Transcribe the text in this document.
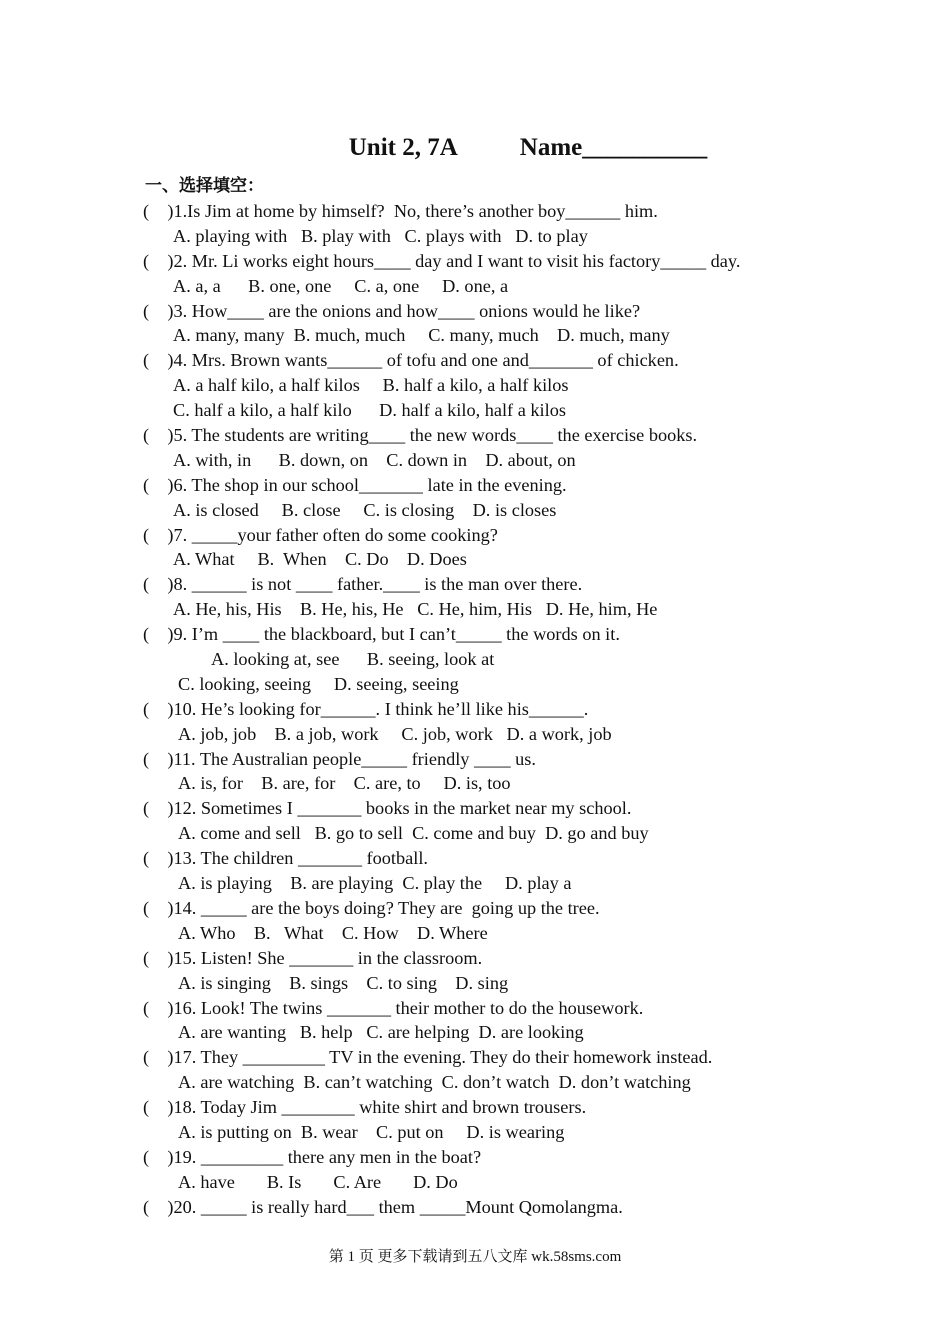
Unit 2, 7A Name__________
一、选择填空：
(    )1.Is Jim at home by himself?  No, there’s another boy______ him.
A. playing with   B. play with   C. plays with   D. to play
(    )2. Mr. Li works eight hours____ day and I want to visit his factory_____ day.
A. a, a      B. one, one     C. a, one     D. one, a
(    )3. How____ are the onions and how____ onions would he like?
A. many, many  B. much, much     C. many, much    D. much, many
(    )4. Mrs. Brown wants______ of tofu and one and_______ of chicken.
A. a half kilo, a half kilos     B. half a kilo, a half kilos
C. half a kilo, a half kilo      D. half a kilo, half a kilos
(    )5. The students are writing____ the new words____ the exercise books.
A. with, in      B. down, on    C. down in    D. about, on
(    )6. The shop in our school_______ late in the evening.
A. is closed     B. close     C. is closing    D. is closes
(    )7. _____your father often do some cooking?
A. What     B.  When    C. Do    D. Does
(    )8. ______ is not ____ father.____ is the man over there.
A. He, his, His    B. He, his, He   C. He, him, His   D. He, him, He
(    )9. I’m ____ the blackboard, but I can’t_____ the words on it.
A. looking at, see      B. seeing, look at
C. looking, seeing     D. seeing, seeing
(    )10. He’s looking for______. I think he’ll like his______.
A. job, job    B. a job, work     C. job, work   D. a work, job
(    )11. The Australian people_____ friendly ____ us.
A. is, for    B. are, for    C. are, to     D. is, too
(    )12. Sometimes I _______ books in the market near my school.
A. come and sell   B. go to sell  C. come and buy  D. go and buy
(    )13. The children _______ football.
A. is playing    B. are playing  C. play the     D. play a
(    )14. _____ are the boys doing? They are  going up the tree.
A. Who    B.   What    C. How    D. Where
(    )15. Listen! She _______ in the classroom.
A. is singing    B. sings    C. to sing    D. sing
(    )16. Look! The twins _______ their mother to do the housework.
A. are wanting   B. help   C. are helping  D. are looking
(    )17. They _________ TV in the evening. They do their homework instead.
A. are watching  B. can’t watching  C. don’t watch  D. don’t watching
(    )18. Today Jim ________ white shirt and brown trousers.
A. is putting on  B. wear    C. put on     D. is wearing
(    )19. _________ there any men in the boat?
A. have       B. Is       C. Are       D. Do
(    )20. _____ is really hard___ them _____Mount Qomolangma.
第 1 页 更多下载请到五八文库 wk.58sms.com
